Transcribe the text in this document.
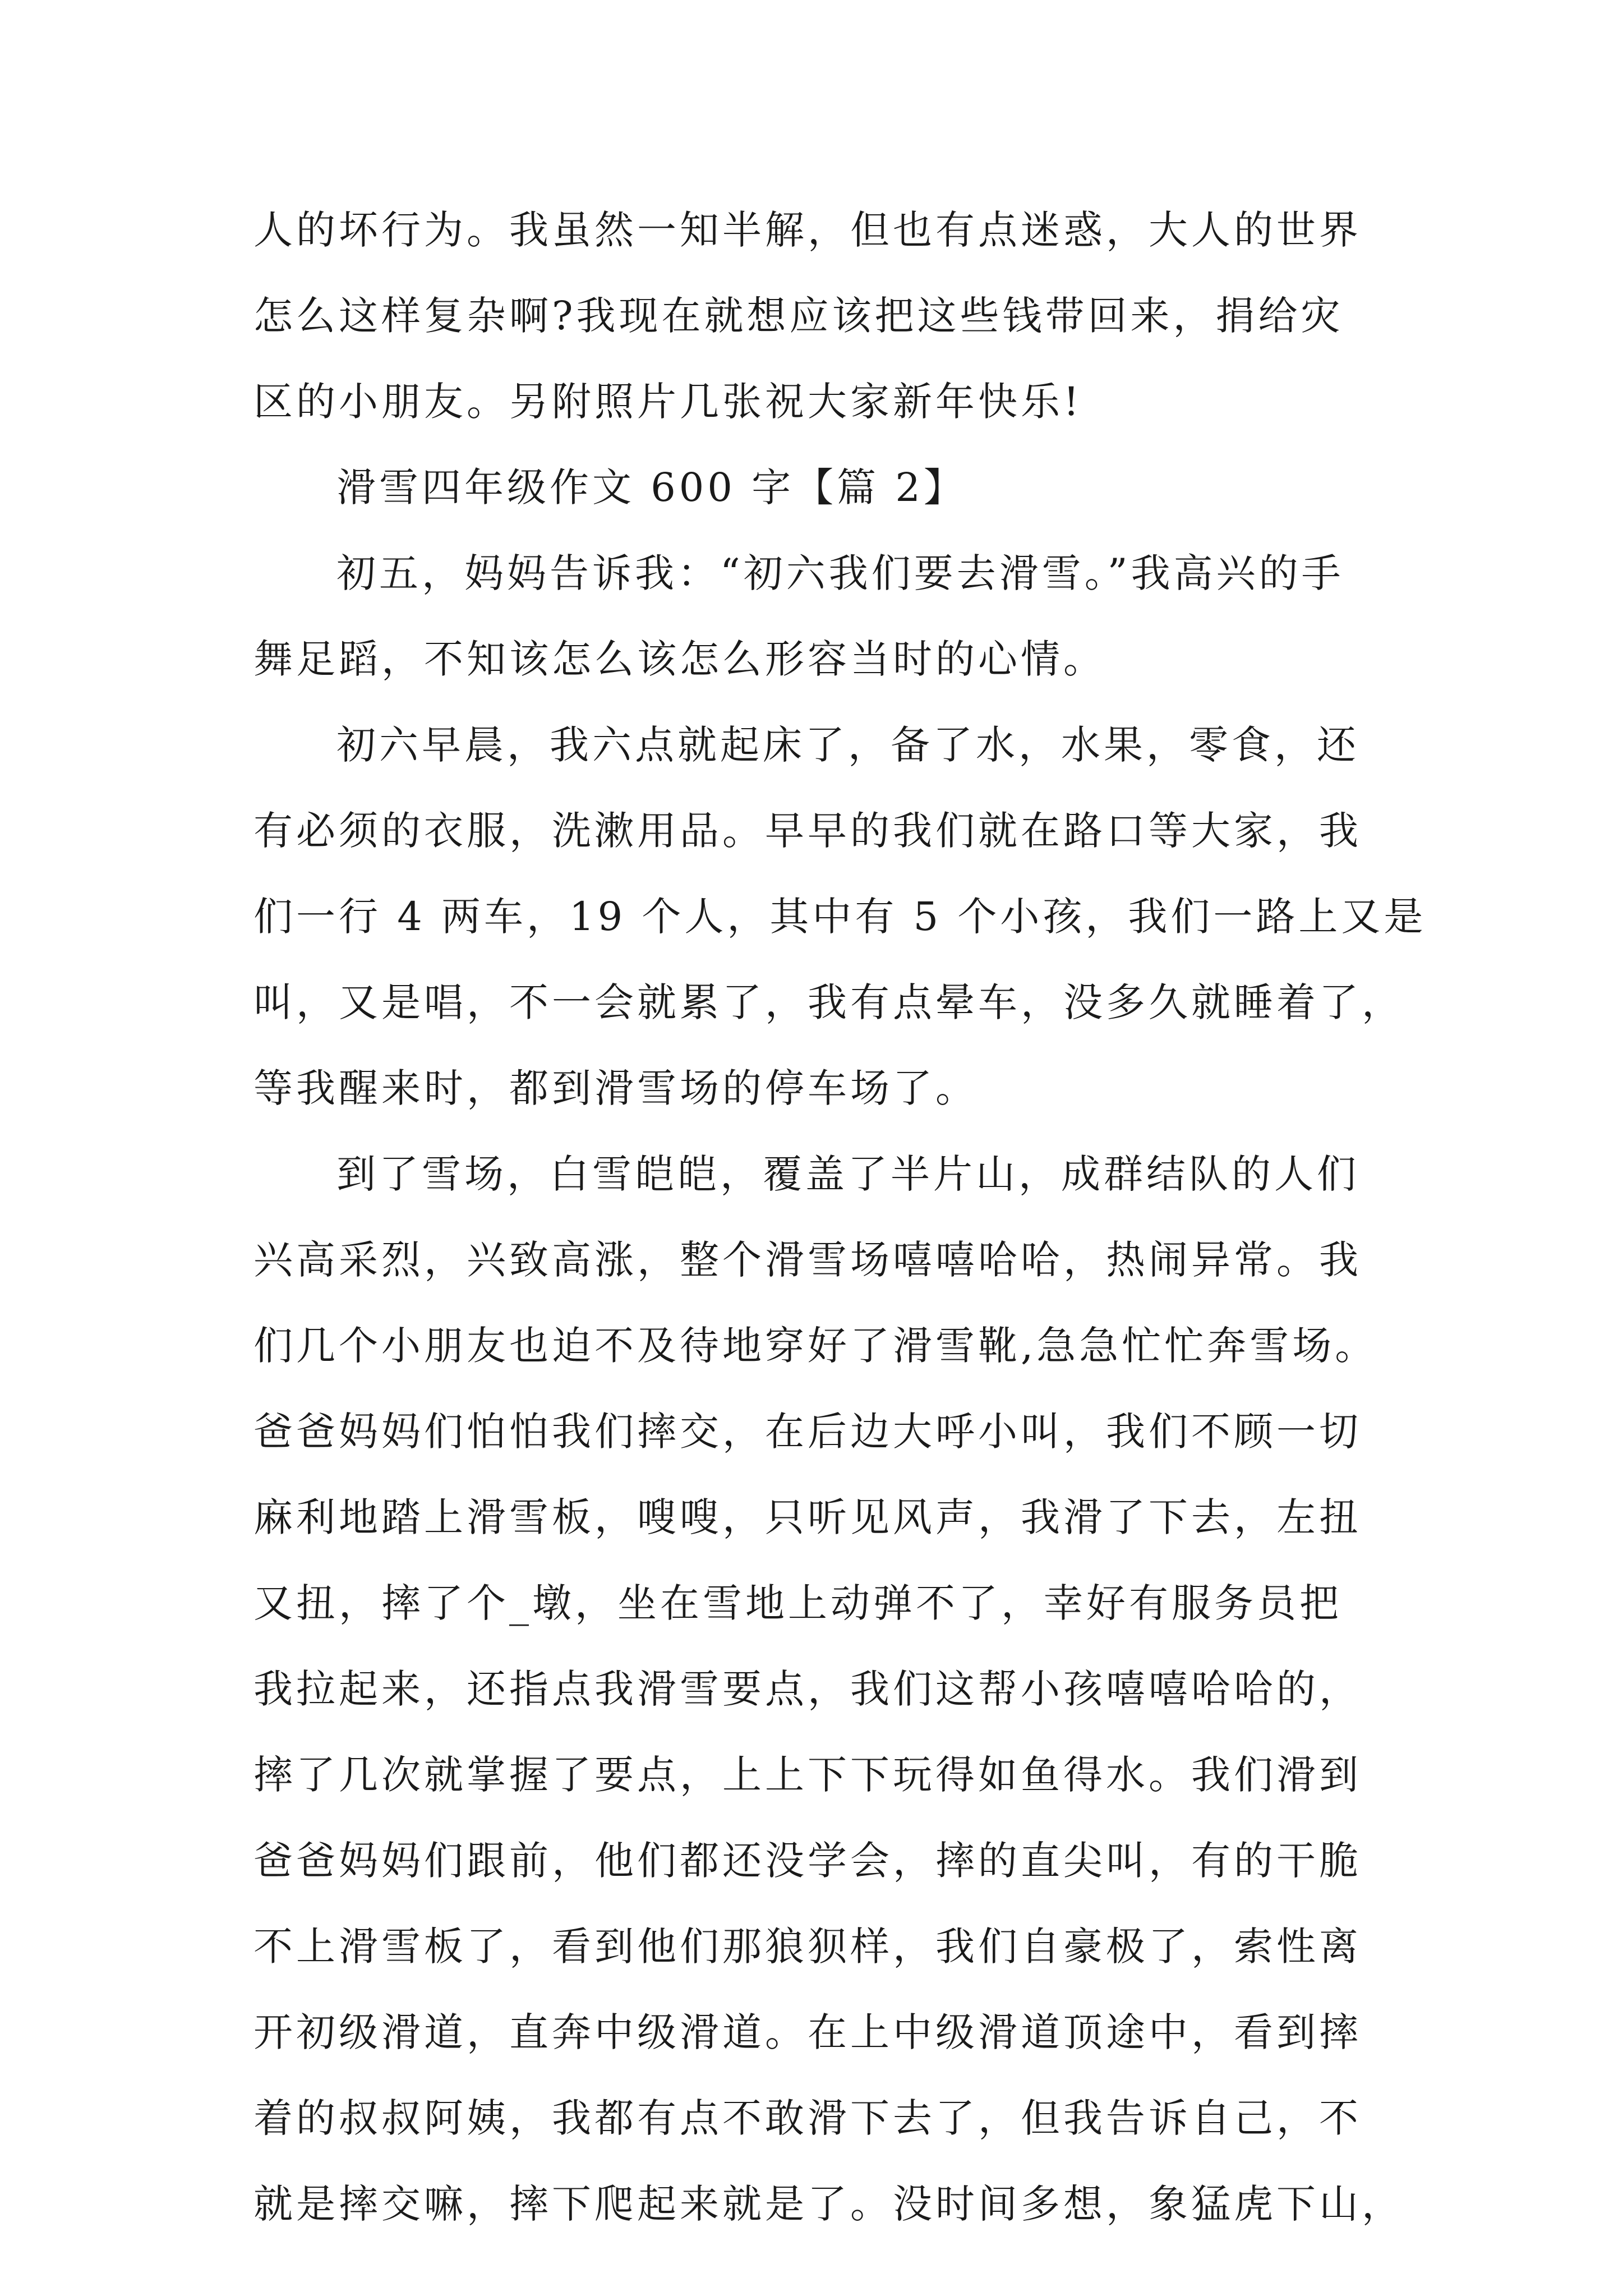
人的坏行为。我虽然一知半解，但也有点迷惑，大人的世界
怎么这样复杂啊?我现在就想应该把这些钱带回来，捐给灾
区的小朋友。另附照片几张祝大家新年快乐!
滑雪四年级作文 600 字【篇 2】
初五，妈妈告诉我：“初六我们要去滑雪。”我高兴的手
舞足蹈，不知该怎么该怎么形容当时的心情。
初六早晨，我六点就起床了，备了水，水果，零食，还
有必须的衣服，洗漱用品。早早的我们就在路口等大家，我
们一行 4 两车，19 个人，其中有 5 个小孩，我们一路上又是
叫，又是唱，不一会就累了，我有点晕车，没多久就睡着了，
等我醒来时，都到滑雪场的停车场了。
到了雪场，白雪皑皑，覆盖了半片山，成群结队的人们
兴高采烈，兴致高涨，整个滑雪场嘻嘻哈哈，热闹异常。我
们几个小朋友也迫不及待地穿好了滑雪靴,急急忙忙奔雪场。
爸爸妈妈们怕怕我们摔交，在后边大呼小叫，我们不顾一切
麻利地踏上滑雪板，嗖嗖，只听见风声，我滑了下去，左扭
又扭，摔了个_墩，坐在雪地上动弹不了，幸好有服务员把
我拉起来，还指点我滑雪要点，我们这帮小孩嘻嘻哈哈的，
摔了几次就掌握了要点，上上下下玩得如鱼得水。我们滑到
爸爸妈妈们跟前，他们都还没学会，摔的直尖叫，有的干脆
不上滑雪板了，看到他们那狼狈样，我们自豪极了，索性离
开初级滑道，直奔中级滑道。在上中级滑道顶途中，看到摔
着的叔叔阿姨，我都有点不敢滑下去了，但我告诉自己，不
就是摔交嘛，摔下爬起来就是了。没时间多想，象猛虎下山，
